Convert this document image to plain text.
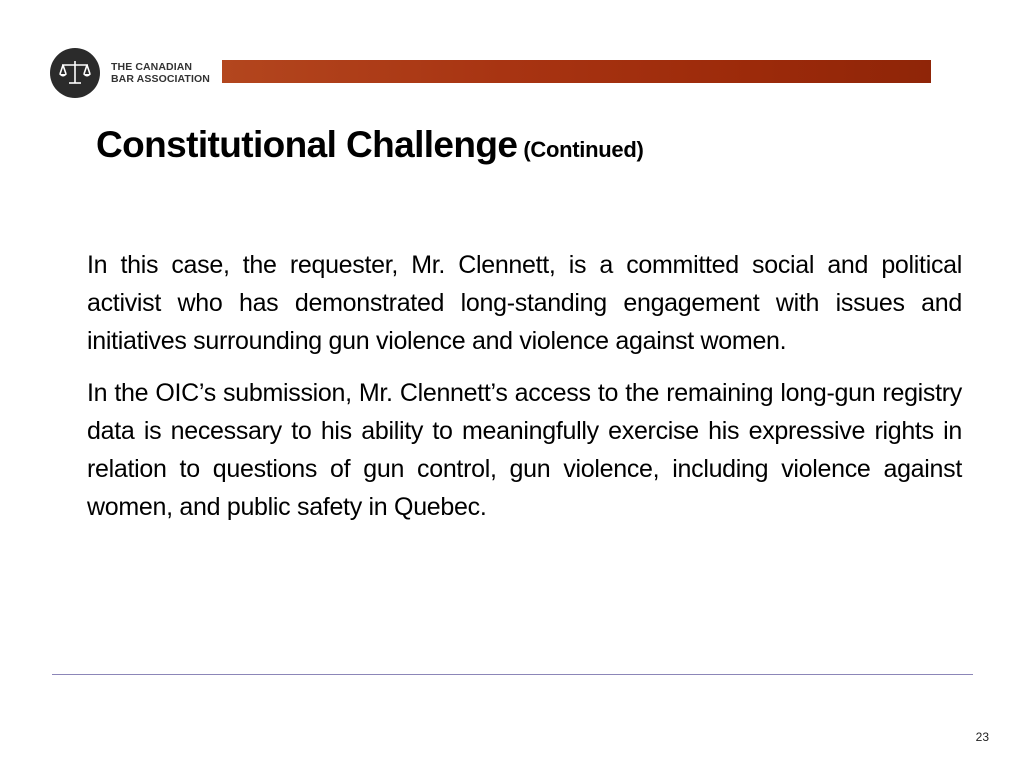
THE CANADIAN
BAR ASSOCIATION
Constitutional Challenge (Continued)

In this case, the requester, Mr. Clennett, is a committed social and political activist who has demonstrated long-standing engagement with issues and initiatives surrounding gun violence and violence against women.

In the OIC’s submission, Mr. Clennett’s access to the remaining long-gun registry data is necessary to his ability to meaningfully exercise his expressive rights in relation to questions of gun control, gun violence, including violence against women, and public safety in Quebec.

23
